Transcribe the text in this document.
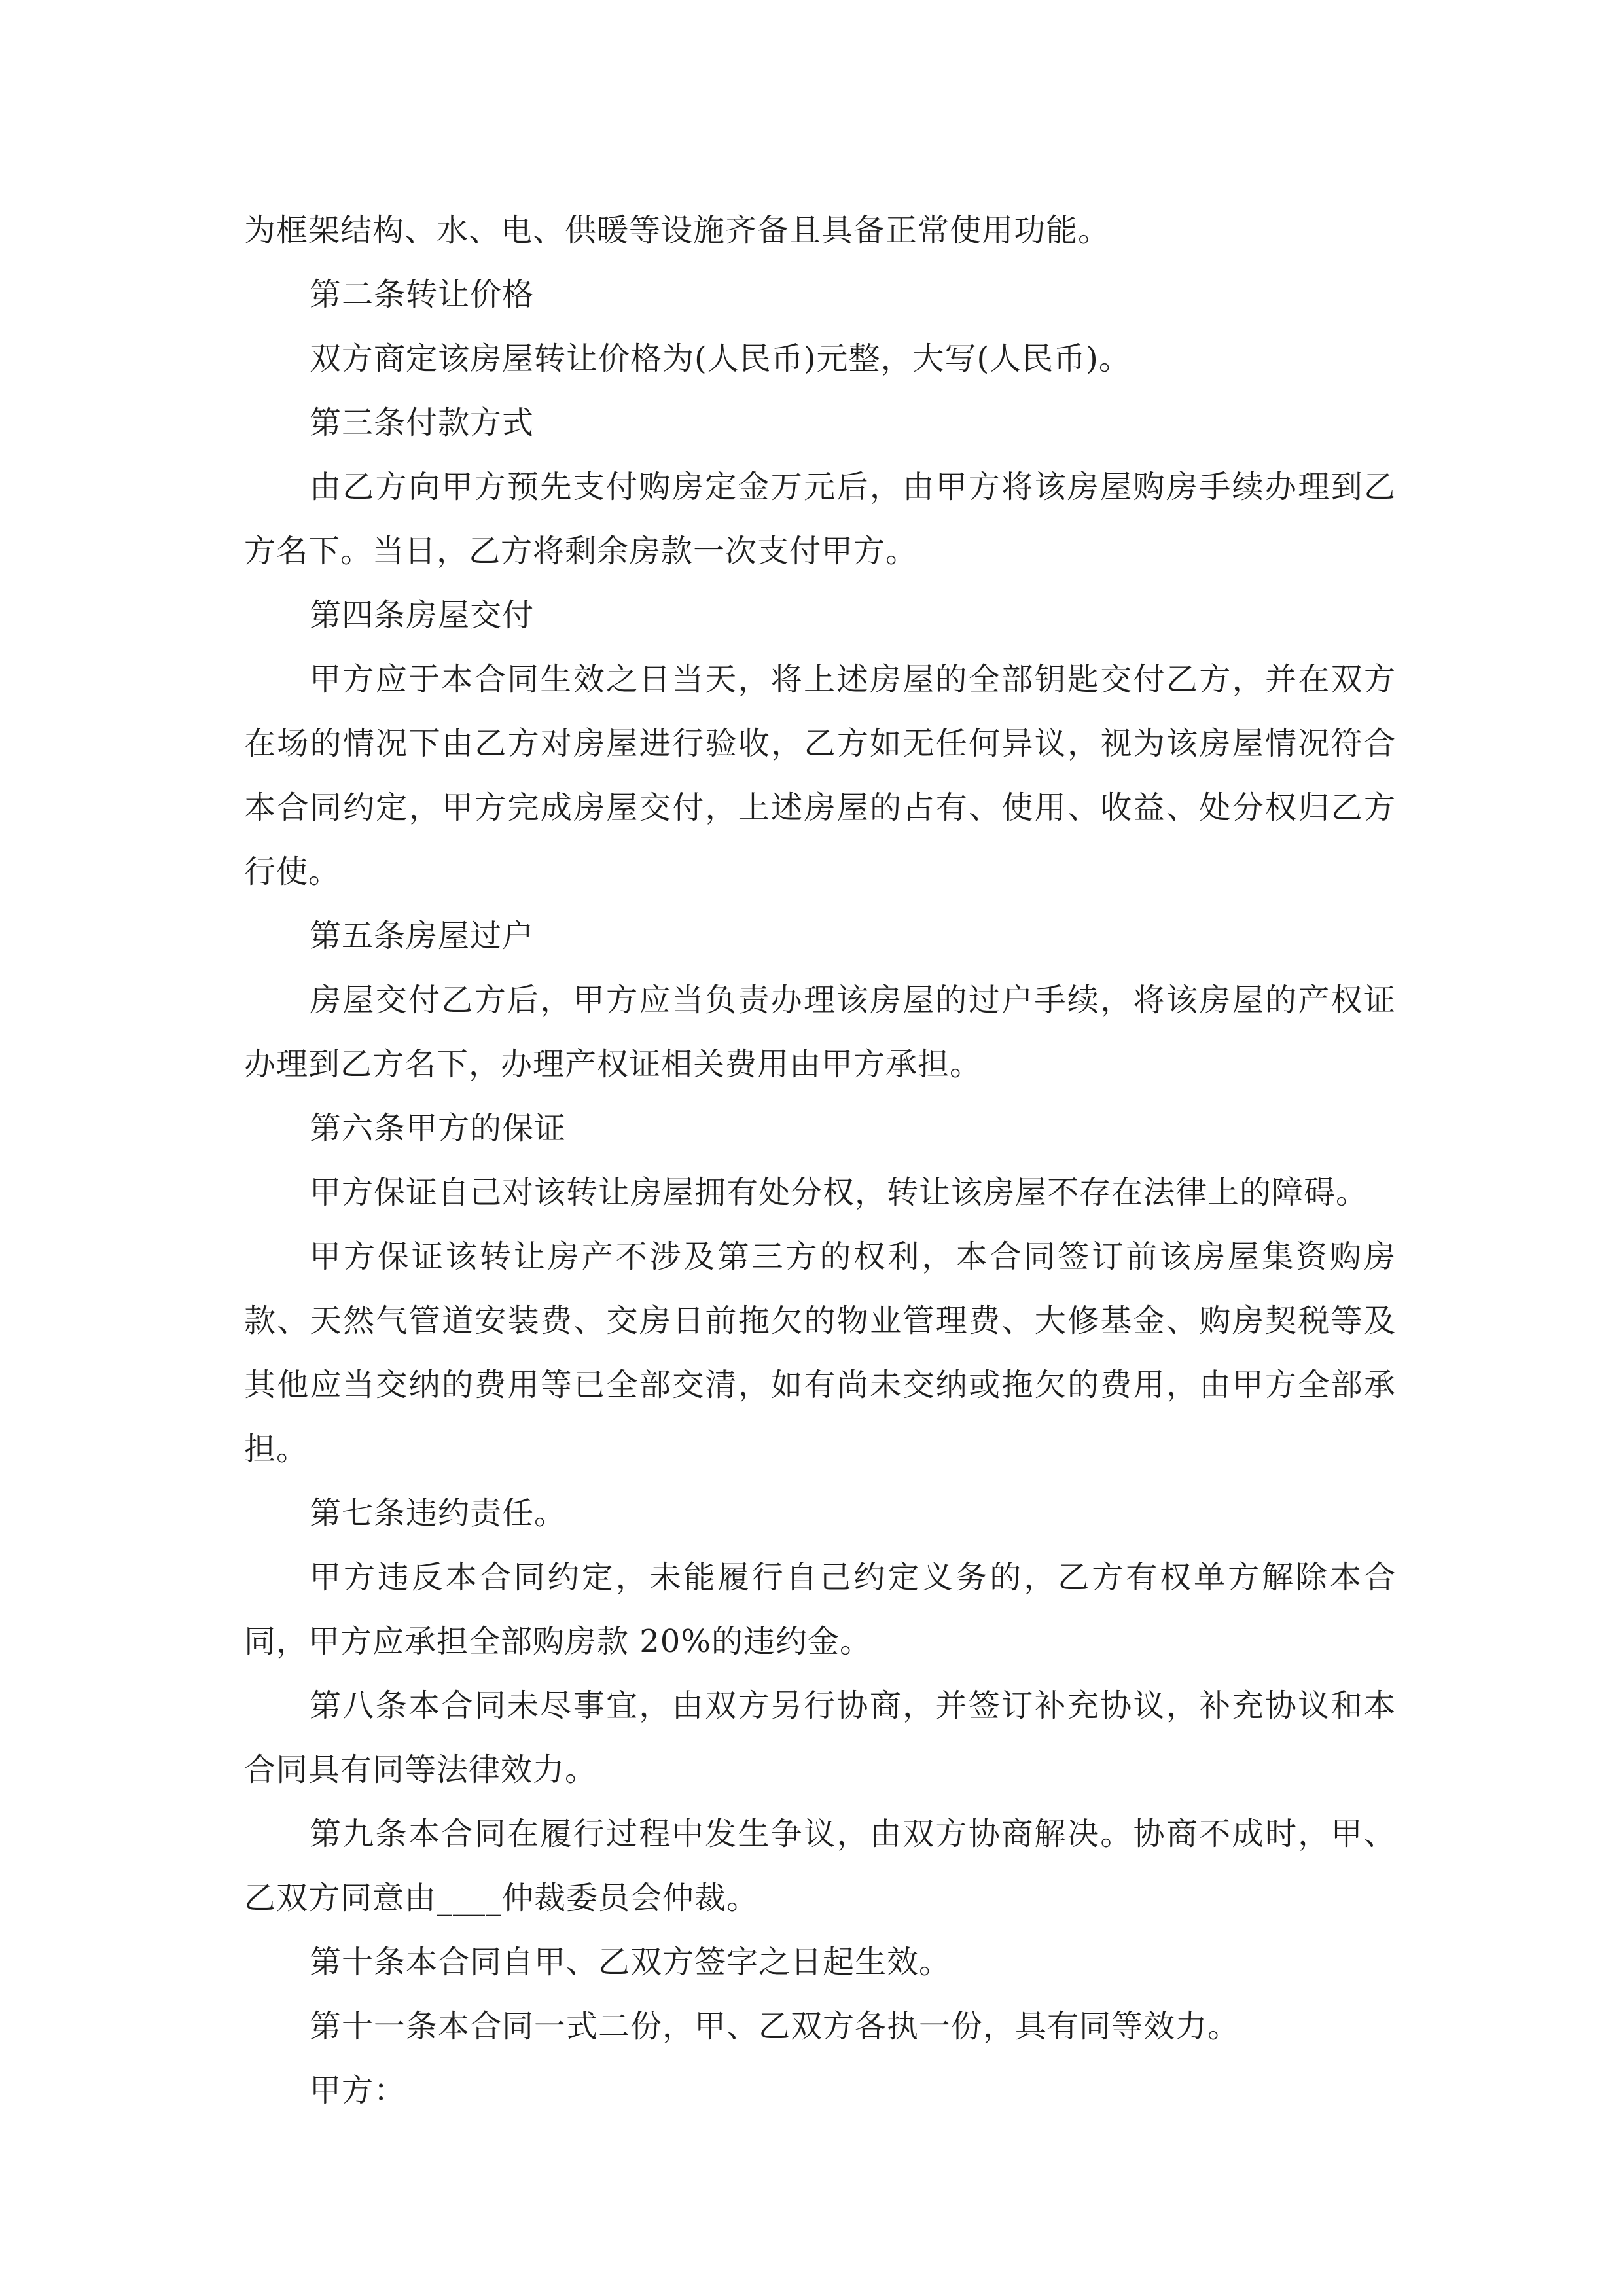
为框架结构、水、电、供暖等设施齐备且具备正常使用功能。

第二条转让价格

双方商定该房屋转让价格为(人民币)元整，大写(人民币)。

第三条付款方式

由乙方向甲方预先支付购房定金万元后，由甲方将该房屋购房手续办理到乙方名下。当日，乙方将剩余房款一次支付甲方。

第四条房屋交付

甲方应于本合同生效之日当天，将上述房屋的全部钥匙交付乙方，并在双方在场的情况下由乙方对房屋进行验收，乙方如无任何异议，视为该房屋情况符合本合同约定，甲方完成房屋交付，上述房屋的占有、使用、收益、处分权归乙方行使。

第五条房屋过户

房屋交付乙方后，甲方应当负责办理该房屋的过户手续，将该房屋的产权证办理到乙方名下，办理产权证相关费用由甲方承担。

第六条甲方的保证

甲方保证自己对该转让房屋拥有处分权，转让该房屋不存在法律上的障碍。

甲方保证该转让房产不涉及第三方的权利，本合同签订前该房屋集资购房款、天然气管道安装费、交房日前拖欠的物业管理费、大修基金、购房契税等及其他应当交纳的费用等已全部交清，如有尚未交纳或拖欠的费用，由甲方全部承担。

第七条违约责任。

甲方违反本合同约定，未能履行自己约定义务的，乙方有权单方解除本合同，甲方应承担全部购房款 20%的违约金。

第八条本合同未尽事宜，由双方另行协商，并签订补充协议，补充协议和本合同具有同等法律效力。

第九条本合同在履行过程中发生争议，由双方协商解决。协商不成时，甲、乙双方同意由____仲裁委员会仲裁。

第十条本合同自甲、乙双方签字之日起生效。

第十一条本合同一式二份，甲、乙双方各执一份，具有同等效力。

甲方：
